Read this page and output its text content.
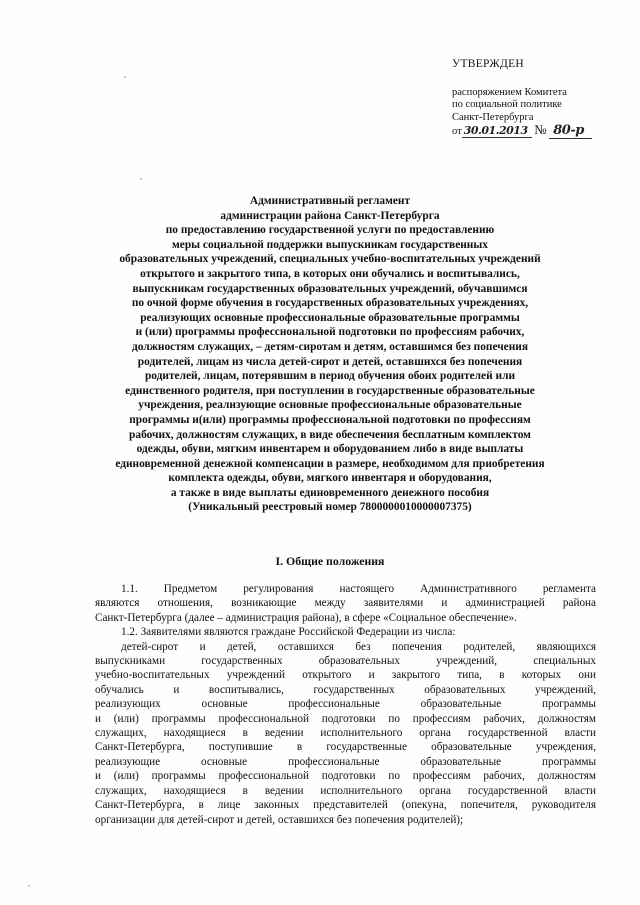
УТВЕРЖДЕН
распоряжением Комитета
по социальной политике
Санкт-Петербурга
от 30.01.2013 № 80-р
Административный регламент
администрации района Санкт-Петербурга
по предоставлению государственной услуги по предоставлению
меры социальной поддержки выпускникам государственных
образовательных учреждений, специальных учебно-воспитательных учреждений
открытого и закрытого типа, в которых они обучались и воспитывались,
выпускникам государственных образовательных учреждений, обучавшимся
по очной форме обучения в государственных образовательных учреждениях,
реализующих основные профессиональные образовательные программы
и (или) программы профессиональной подготовки по профессиям рабочих,
должностям служащих, – детям-сиротам и детям, оставшимся без попечения
родителей, лицам из числа детей-сирот и детей, оставшихся без попечения
родителей, лицам, потерявшим в период обучения обоих родителей или
единственного родителя, при поступлении в государственные образовательные
учреждения, реализующие основные профессиональные образовательные
программы и(или) программы профессиональной подготовки по профессиям
рабочих, должностям служащих, в виде обеспечения бесплатным комплектом
одежды, обуви, мягким инвентарем и оборудованием либо в виде выплаты
единовременной денежной компенсации в размере, необходимом для приобретения
комплекта одежды, обуви, мягкого инвентаря и оборудования,
а также в виде выплаты единовременного денежного пособия
(Уникальный реестровый номер 7800000010000007375)
I. Общие положения
1.1. Предметом регулирования настоящего Административного регламента
являются отношения, возникающие между заявителями и администрацией района
Санкт-Петербурга (далее – администрация района), в сфере «Социальное обеспечение».
1.2. Заявителями являются граждане Российской Федерации из числа:
детей-сирот и детей, оставшихся без попечения родителей, являющихся
выпускниками государственных образовательных учреждений, специальных
учебно-воспитательных учреждений открытого и закрытого типа, в которых они
обучались и воспитывались, государственных образовательных учреждений,
реализующих основные профессиональные образовательные программы
и (или) программы профессиональной подготовки по профессиям рабочих, должностям
служащих, находящиеся в ведении исполнительного органа государственной власти
Санкт-Петербурга, поступившие в государственные образовательные учреждения,
реализующие основные профессиональные образовательные программы
и (или) программы профессиональной подготовки по профессиям рабочих, должностям
служащих, находящиеся в ведении исполнительного органа государственной власти
Санкт-Петербурга, в лице законных представителей (опекуна, попечителя, руководителя
организации для детей-сирот и детей, оставшихся без попечения родителей);
